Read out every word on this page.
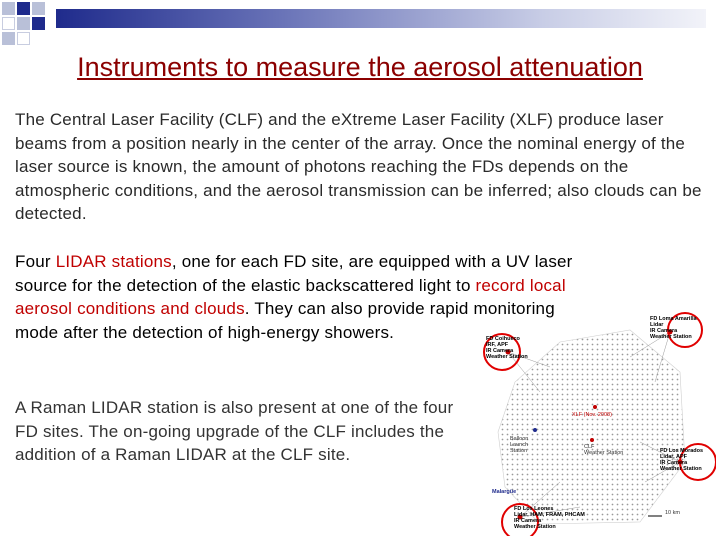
Instruments to measure the aerosol attenuation
The Central Laser Facility (CLF) and the eXtreme Laser Facility (XLF) produce laser beams from a position nearly in the center of the array. Once the nominal energy of the laser source is known, the amount of photons reaching the FDs depends on the atmospheric conditions, and the aerosol transmission can be inferred; also clouds can be detected.
Four LIDAR stations, one for each FD site, are equipped with a UV laser source for the detection of the elastic backscattered light to record local aerosol conditions and clouds. They can also provide rapid monitoring mode after the detection of high-energy showers.
A Raman LIDAR station is also present at one of the four FD sites. The on-going upgrade of the CLF includes the addition of a Raman LIDAR at the CLF site.
FD Loma Amarilla
Lidar
IR Camera
Weather Station
FD Coihueco
IRF, APF
IR Camera
Weather Station
XLF (Nov. 2008)
Balloon
Launch
Station
CLF
Weather Station	FD Los Morados
Lidar, APF
IR Camera
Weather Station
Malargüe
FD Los Leones
Lidar, HAM, FRAM, PHCAM
IR Camera
Weather Station
10 km
